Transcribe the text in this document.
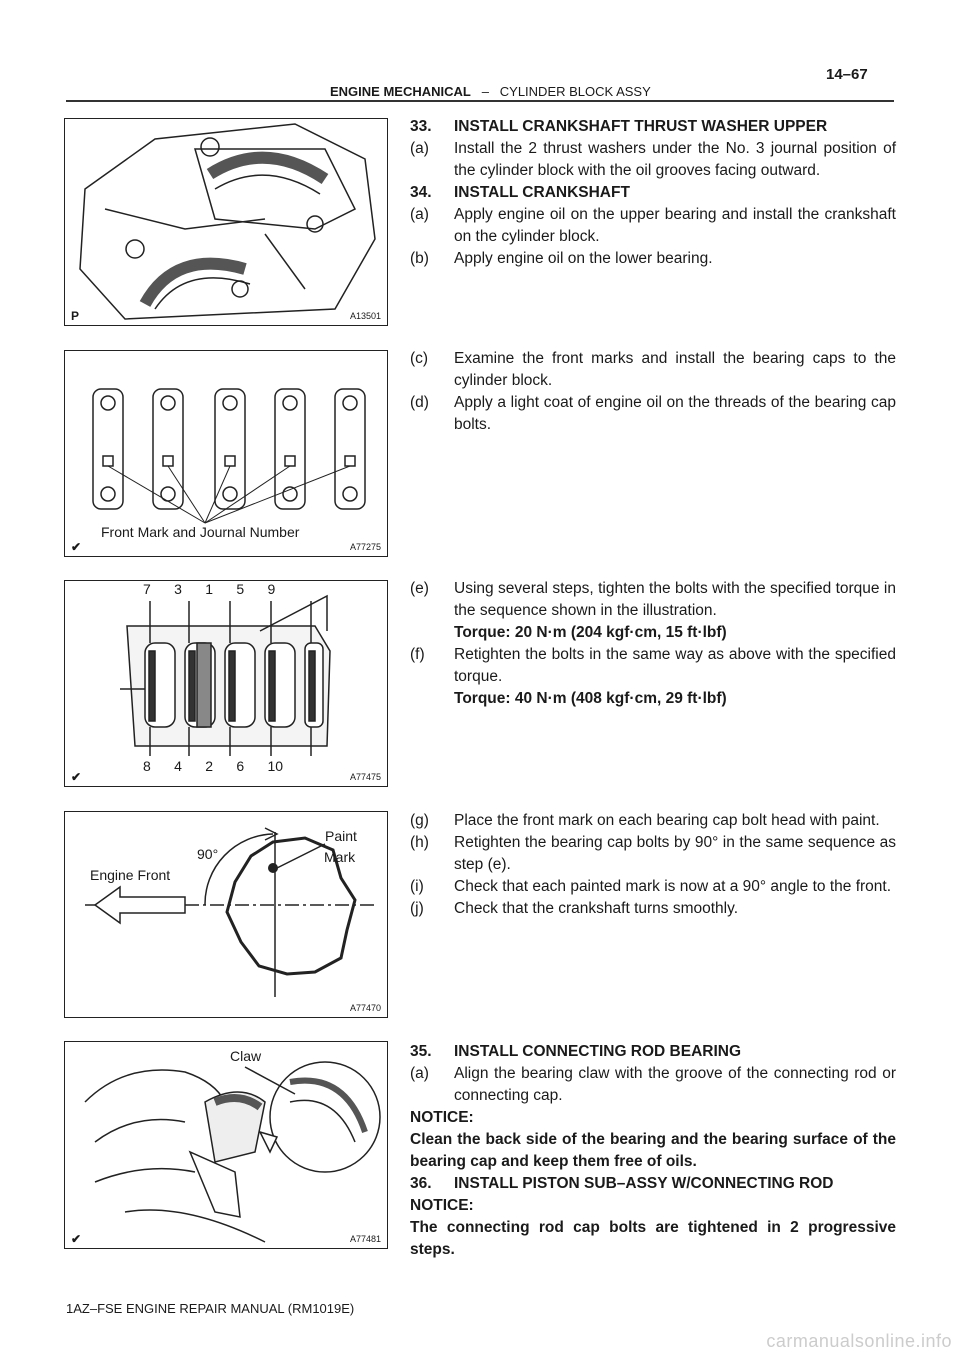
14–67
ENGINE MECHANICAL – CYLINDER BLOCK ASSY
P	A13501
Front Mark and Journal Number
✔	A77275
7      3      1      5      9
8      4      2      6      10
✔	A77475
Paint
Mark
90°
Engine Front
A77470
Claw
✔	A77481
33.	INSTALL CRANKSHAFT THRUST WASHER UPPER
(a)	Install the 2 thrust washers under the No. 3 journal position of the cylinder block with the oil grooves facing outward.
34.	INSTALL CRANKSHAFT
(a)	Apply engine oil on the upper bearing and install the crankshaft on the cylinder block.
(b)	Apply engine oil on the lower bearing.
(c)	Examine the front marks and install the bearing caps to the cylinder block.
(d)	Apply a light coat of engine oil on the threads of the bearing cap bolts.
(e)	Using several steps, tighten the bolts with the specified torque in the sequence shown in the illustration.
Torque: 20 N·m (204 kgf·cm, 15 ft·lbf)
(f)	Retighten the bolts in the same way as above with the specified torque.
Torque: 40 N·m (408 kgf·cm, 29 ft·lbf)
(g)	Place the front mark on each bearing cap bolt head with paint.
(h)	Retighten the bearing cap bolts by 90° in the same sequence as step (e).
(i)	Check that each painted mark is now at a 90° angle to the front.
(j)	Check that the crankshaft turns smoothly.
35.	INSTALL CONNECTING ROD BEARING
(a)	Align the bearing claw with the groove of the connecting rod or connecting cap.
NOTICE:
Clean the back side of the bearing and the bearing surface of the bearing cap and keep them free of oils.
36.	INSTALL PISTON SUB–ASSY W/CONNECTING ROD
NOTICE:
The connecting rod cap bolts are tightened in 2 progressive steps.
1AZ–FSE ENGINE REPAIR MANUAL (RM1019E)
carmanualsonline.info
